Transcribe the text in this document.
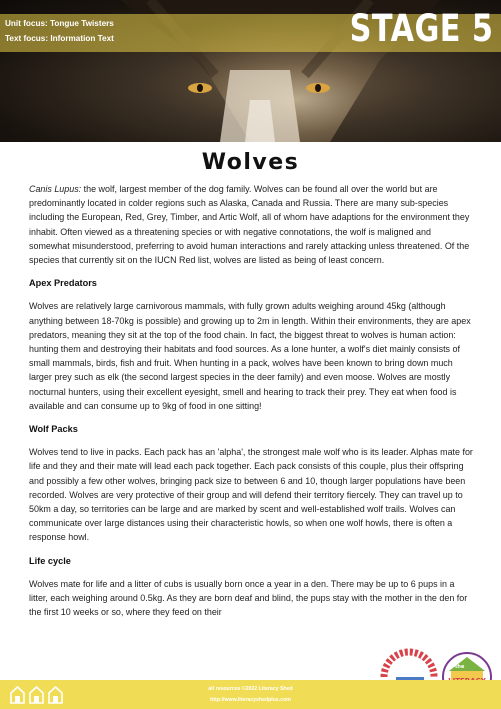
Unit focus: Tongue Twisters
Text focus: Information Text	STAGE 5
Wolves

Canis Lupus: the wolf, largest member of the dog family. Wolves can be found all over the world but are predominantly located in colder regions such as Alaska, Canada and Russia. There are many sub-species including the European, Red, Grey, Timber, and Artic Wolf, all of whom have adaptions for the environment they inhabit. Often viewed as a threatening species or with negative connotations, the wolf is maligned and somewhat misunderstood, preferring to avoid human interactions and rarely attacking unless threatened. Of the species that currently sit on the IUCN Red list, wolves are listed as being of least concern.

Apex Predators

Wolves are relatively large carnivorous mammals, with fully grown adults weighing around 45kg (although anything between 18-70kg is possible) and growing up to 2m in length. Within their environments, they are apex predators, meaning they sit at the top of the food chain. In fact, the biggest threat to wolves is human action: hunting them and destroying their habitats and food sources. As a lone hunter, a wolf's diet mainly consists of small mammals, birds, fish and fruit. When hunting in a pack, wolves have been known to bring down much larger prey such as elk (the second largest species in the deer family) and even moose. Wolves are mostly nocturnal hunters, using their excellent eyesight, smell and hearing to track their prey. They eat when food is available and can consume up to 9kg of food in one sitting!

Wolf Packs

Wolves tend to live in packs. Each pack has an 'alpha', the strongest male wolf who is its leader. Alphas mate for life and they and their mate will lead each pack together. Each pack consists of this couple, plus their offspring and possibly a few other wolves, bringing pack size to between 6 and 10, though larger populations have been recorded. Wolves are very protective of their group and will defend their territory fiercely. They can travel up to 50km a day, so territories can be large and are marked by scent and well-established wolf trails. Wolves can communicate over large distances using their characteristic howls, so when one wolf howls, there is often a response howl.

Life cycle

Wolves mate for life and a litter of cubs is usually born once a year in a den. There may be up to 6 pups in a litter, each weighing around 0.5kg. As they are born deaf and blind, the pups stay with the mother in the den for the first 10 weeks or so, where they feed on their

the
all resources ©2022 Literacy Shed
http://www.literacyshedplus.com
